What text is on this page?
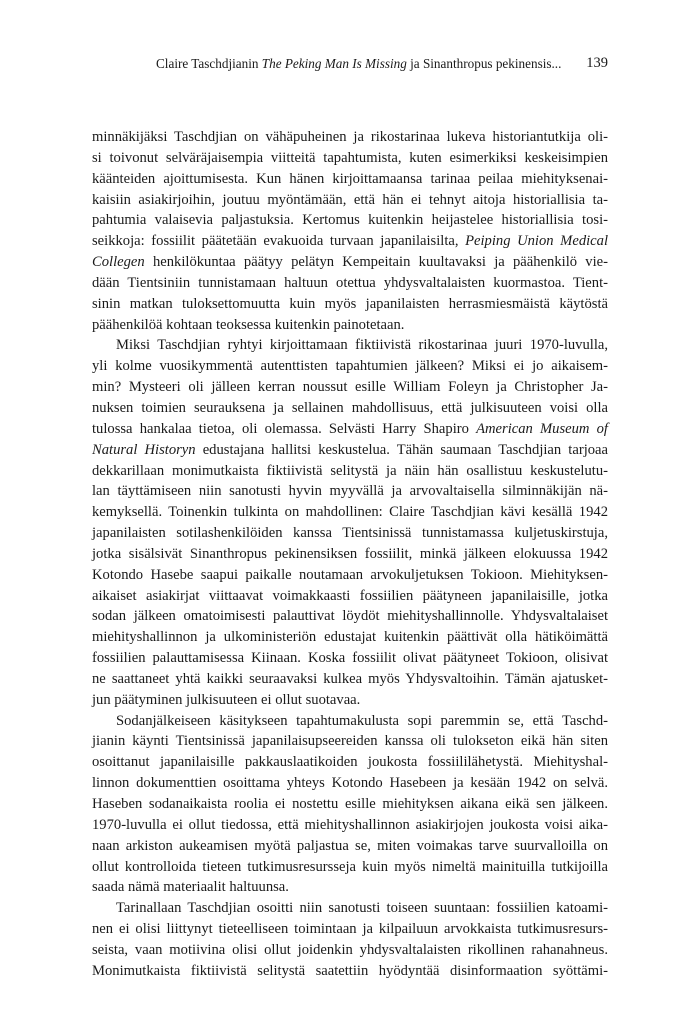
Claire Taschdjianin The Peking Man Is Missing ja Sinanthropus pekinensis... 139
minnäkijäksi Taschdjian on vähäpuheinen ja rikostarinaa lukeva historiantutkija oli-
si toivonut selväräjaisempia viitteitä tapahtumista, kuten esimerkiksi keskeisimpien
käänteiden ajoittumisesta. Kun hänen kirjoittamaansa tarinaa peilaa miehityksenai-
kaisiin asiakirjoihin, joutuu myöntämään, että hän ei tehnyt aitoja historiallisia ta-
pahtumia valaisevia paljastuksia. Kertomus kuitenkin heijastelee historiallisia tosi-
seikkoja: fossiilit päätetään evakuoida turvaan japanilaisilta, Peiping Union Medical
Collegen henkilökuntaa päätyy pelätyn Kempeitain kuultavaksi ja päähenkilö vie-
dään Tientsiniin tunnistamaan haltuun otettua yhdysvaltalaisten kuormastoa. Tient-
sinin matkan tuloksettomuutta kuin myös japanilaisten herrasmiesmäistä käytöstä
päähenkilöä kohtaan teoksessa kuitenkin painotetaan.
Miksi Taschdjian ryhtyi kirjoittamaan fiktiivistä rikostarinaa juuri 1970-luvulla,
yli kolme vuosikymmentä autenttisten tapahtumien jälkeen? Miksi ei jo aikaisem-
min? Mysteeri oli jälleen kerran noussut esille William Foleyn ja Christopher Ja-
nuksen toimien seurauksena ja sellainen mahdollisuus, että julkisuuteen voisi olla
tulossa hankalaa tietoa, oli olemassa. Selvästi Harry Shapiro American Museum of
Natural Historyn edustajana hallitsi keskustelua. Tähän saumaan Taschdjian tarjoaa
dekkarillaan monimutkaista fiktiivistä selitystä ja näin hän osallistuu keskustelutu-
lan täyttämiseen niin sanotusti hyvin myyvällä ja arvovaltaisella silminnäkijän nä-
kemyksellä. Toinenkin tulkinta on mahdollinen: Claire Taschdjian kävi kesällä 1942
japanilaisten sotilashenkilöiden kanssa Tientsinissä tunnistamassa kuljetuskirstuja,
jotka sisälsivät Sinanthropus pekinensiksen fossiilit, minkä jälkeen elokuussa 1942
Kotondo Hasebe saapui paikalle noutamaan arvokuljetuksen Tokioon. Miehityksen-
aikaiset asiakirjat viittaavat voimakkaasti fossiilien päätyneen japanilaisille, jotka
sodan jälkeen omatoimisesti palauttivat löydöt miehityshallinnolle. Yhdysvaltalaiset
miehityshallinnon ja ulkoministeriön edustajat kuitenkin päättivät olla hätiköimättä
fossiilien palauttamisessa Kiinaan. Koska fossiilit olivat päätyneet Tokioon, olisivat
ne saattaneet yhtä kaikki seuraavaksi kulkea myös Yhdysvaltoihin. Tämän ajatusket-
jun päätyminen julkisuuteen ei ollut suotavaa.
Sodanjälkeiseen käsitykseen tapahtumakulusta sopi paremmin se, että Taschd-
jianin käynti Tientsinissä japanilaisupseereiden kanssa oli tulokseton eikä hän siten
osoittanut japanilaisille pakkauslaatikoiden joukosta fossiililähetystä. Miehityshal-
linnon dokumenttien osoittama yhteys Kotondo Hasebeen ja kesään 1942 on selvä.
Haseben sodanaikaista roolia ei nostettu esille miehityksen aikana eikä sen jälkeen.
1970-luvulla ei ollut tiedossa, että miehityshallinnon asiakirjojen joukosta voisi aika-
naan arkiston aukeamisen myötä paljastua se, miten voimakas tarve suurvalloilla on
ollut kontrolloida tieteen tutkimusresursseja kuin myös nimeltä mainituilla tutkijoilla
saada nämä materiaalit haltuunsa.
Tarinallaan Taschdjian osoitti niin sanotusti toiseen suuntaan: fossiilien katoami-
nen ei olisi liittynyt tieteelliseen toimintaan ja kilpailuun arvokkaista tutkimusresurs-
seista, vaan motiivina olisi ollut joidenkin yhdysvaltalaisten rikollinen rahanahneus.
Monimutkaista fiktiivistä selitystä saatettiin hyödyntää disinformaation syöttämi-
